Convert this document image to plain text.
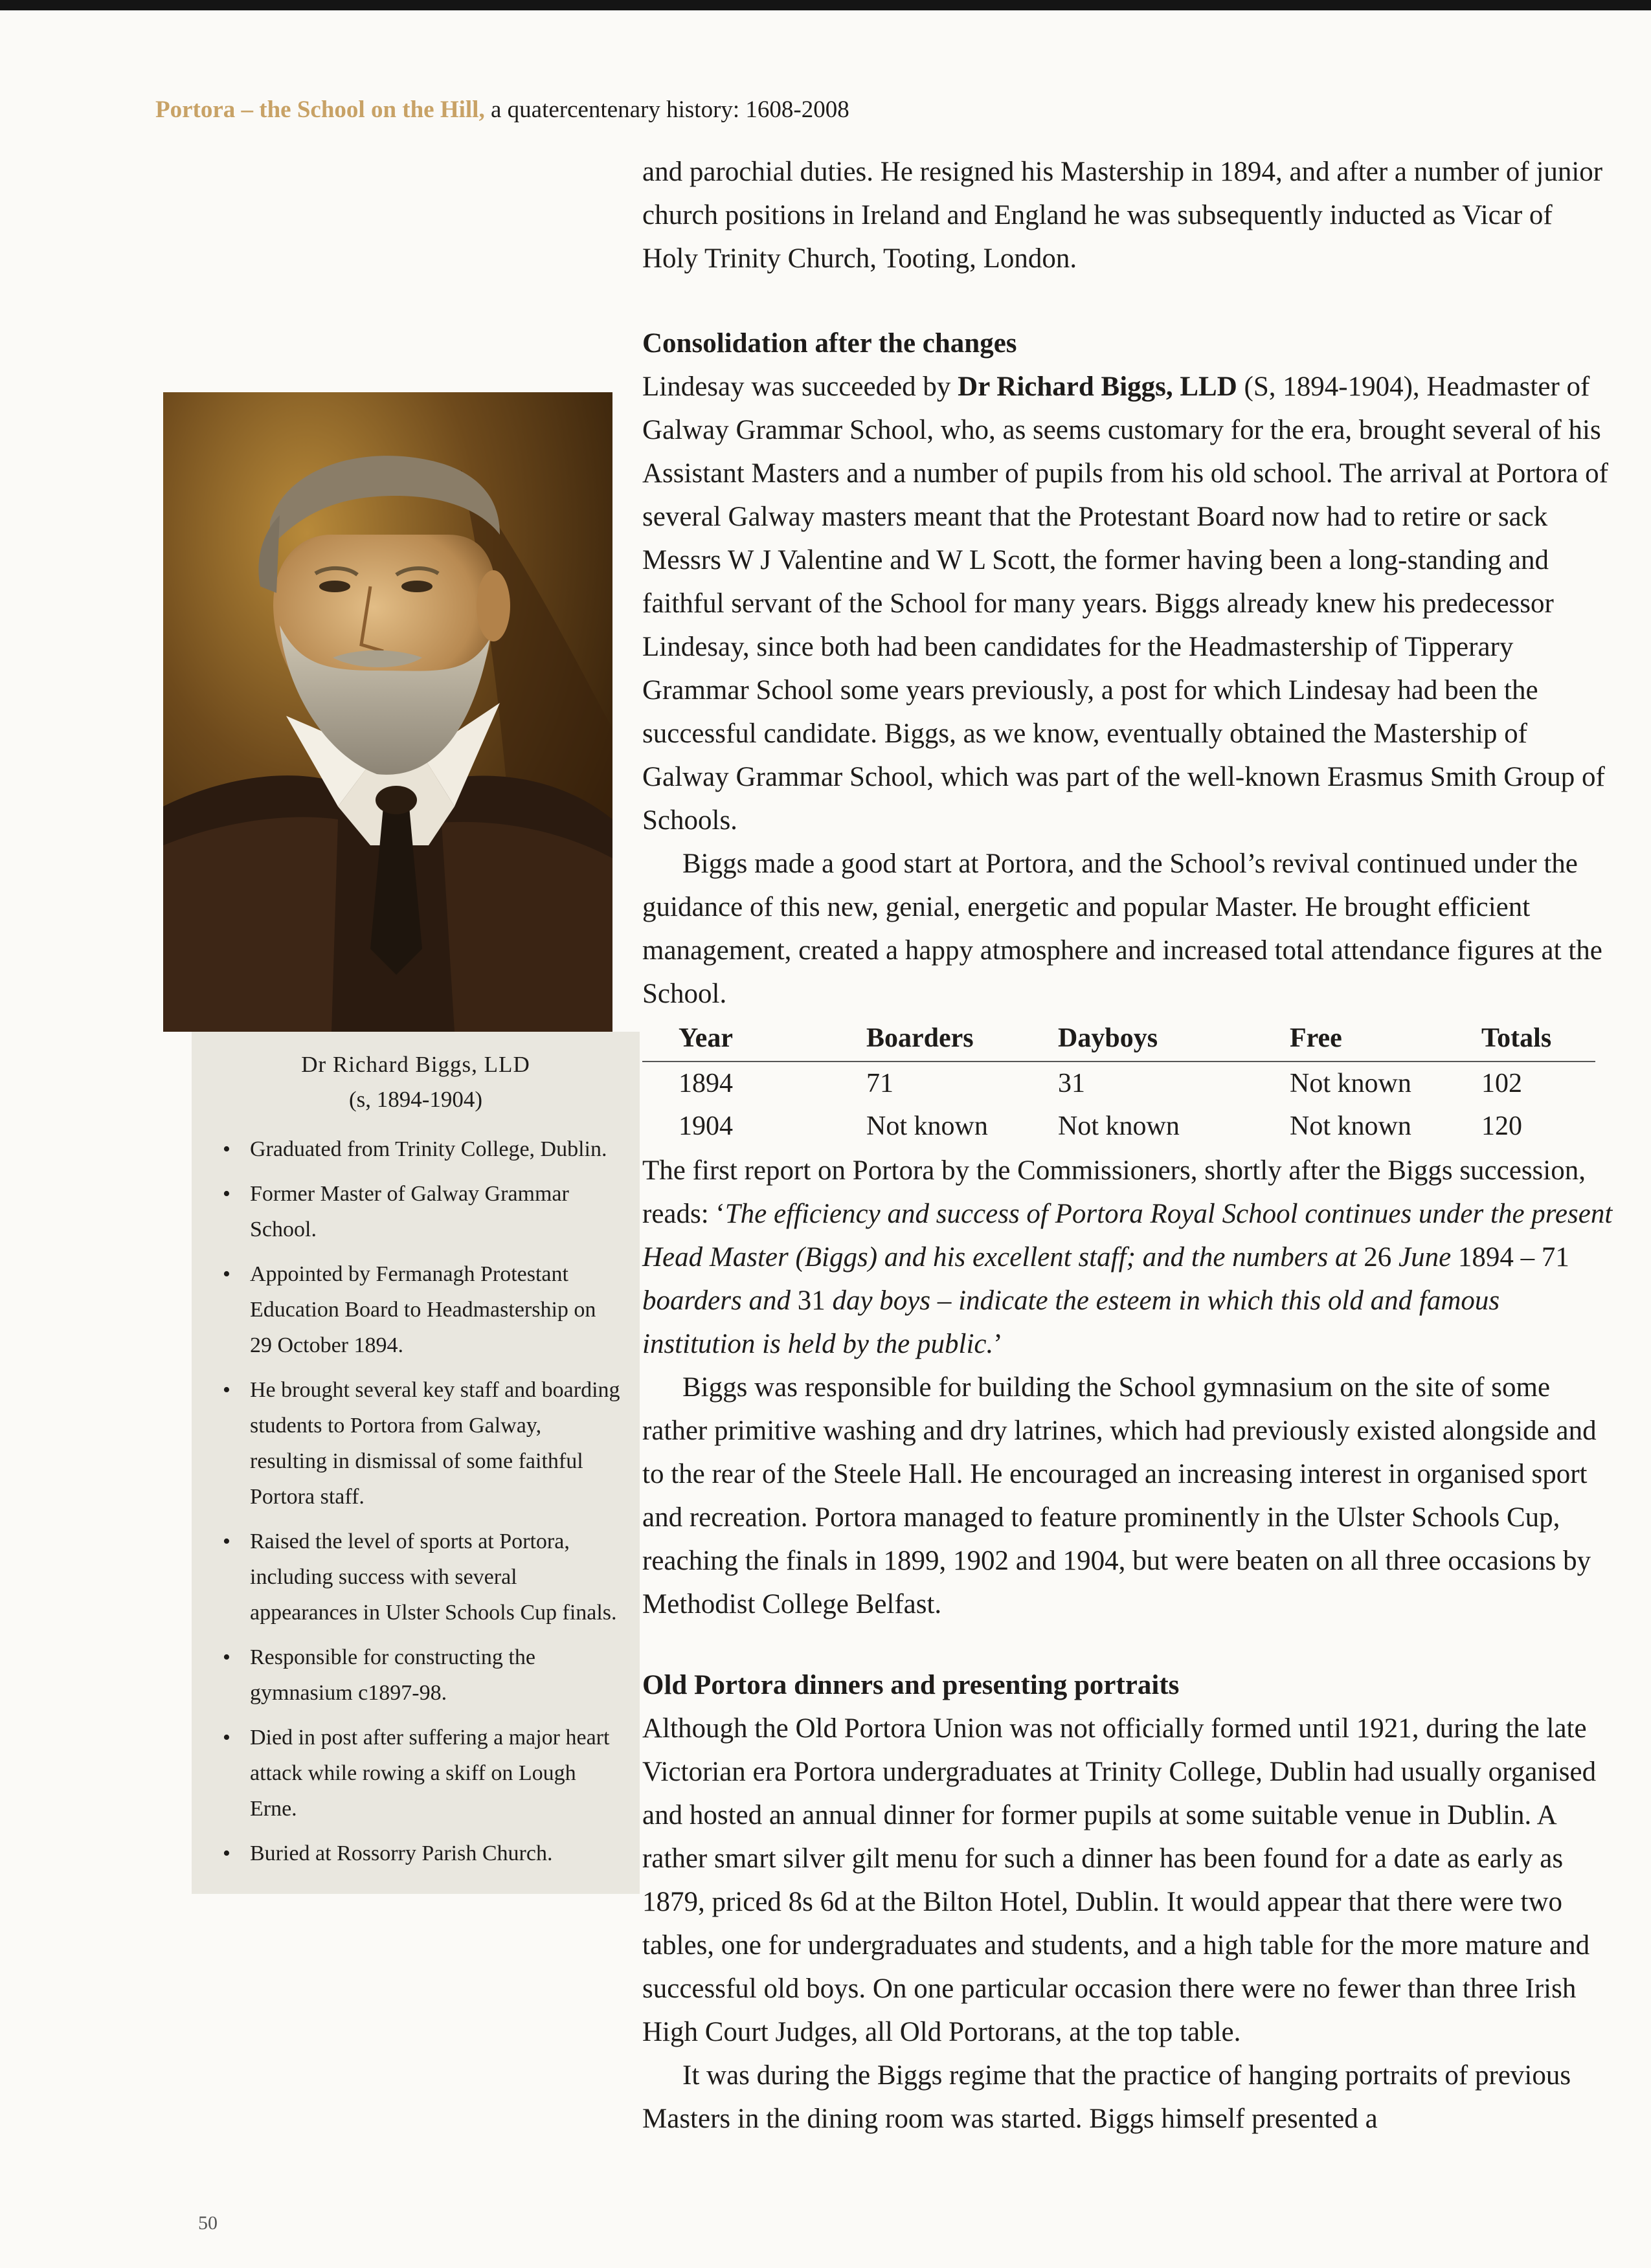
Portora – the School on the Hill, a quatercentenary history: 1608-2008
Dr Richard Biggs, LLD
(s, 1894-1904)
• Graduated from Trinity College, Dublin.
• Former Master of Galway Grammar School.
• Appointed by Fermanagh Protestant Education Board to Headmastership on 29 October 1894.
• He brought several key staff and boarding students to Portora from Galway, resulting in dismissal of some faithful Portora staff.
• Raised the level of sports at Portora, including success with several appearances in Ulster Schools Cup finals.
• Responsible for constructing the gymnasium c1897-98.
• Died in post after suffering a major heart attack while rowing a skiff on Lough Erne.
• Buried at Rossorry Parish Church.

and parochial duties. He resigned his Mastership in 1894, and after a number of junior church positions in Ireland and England he was subsequently inducted as Vicar of Holy Trinity Church, Tooting, London.

Consolidation after the changes

Lindesay was succeeded by Dr Richard Biggs, LLD (S, 1894-1904), Headmaster of Galway Grammar School, who, as seems customary for the era, brought several of his Assistant Masters and a number of pupils from his old school. The arrival at Portora of several Galway masters meant that the Protestant Board now had to retire or sack Messrs W J Valentine and W L Scott, the former having been a long-standing and faithful servant of the School for many years. Biggs already knew his predecessor Lindesay, since both had been candidates for the Headmastership of Tipperary Grammar School some years previously, a post for which Lindesay had been the successful candidate. Biggs, as we know, eventually obtained the Mastership of Galway Grammar School, which was part of the well-known Erasmus Smith Group of Schools.

Biggs made a good start at Portora, and the School’s revival continued under the guidance of this new, genial, energetic and popular Master. He brought efficient management, created a happy atmosphere and increased total attendance figures at the School.

Year	Boarders	Dayboys	Free	Totals
1894	71	31	Not known	102
1904	Not known	Not known	Not known	120

The first report on Portora by the Commissioners, shortly after the Biggs succession, reads: ‘The efficiency and success of Portora Royal School continues under the present Head Master (Biggs) and his excellent staff; and the numbers at 26 June 1894 – 71 boarders and 31 day boys – indicate the esteem in which this old and famous institution is held by the public.’

Biggs was responsible for building the School gymnasium on the site of some rather primitive washing and dry latrines, which had previously existed alongside and to the rear of the Steele Hall. He encouraged an increasing interest in organised sport and recreation. Portora managed to feature prominently in the Ulster Schools Cup, reaching the finals in 1899, 1902 and 1904, but were beaten on all three occasions by Methodist College Belfast.

Old Portora dinners and presenting portraits

Although the Old Portora Union was not officially formed until 1921, during the late Victorian era Portora undergraduates at Trinity College, Dublin had usually organised and hosted an annual dinner for former pupils at some suitable venue in Dublin. A rather smart silver gilt menu for such a dinner has been found for a date as early as 1879, priced 8s 6d at the Bilton Hotel, Dublin. It would appear that there were two tables, one for undergraduates and students, and a high table for the more mature and successful old boys. On one particular occasion there were no fewer than three Irish High Court Judges, all Old Portorans, at the top table.

It was during the Biggs regime that the practice of hanging portraits of previous Masters in the dining room was started. Biggs himself presented a

50
